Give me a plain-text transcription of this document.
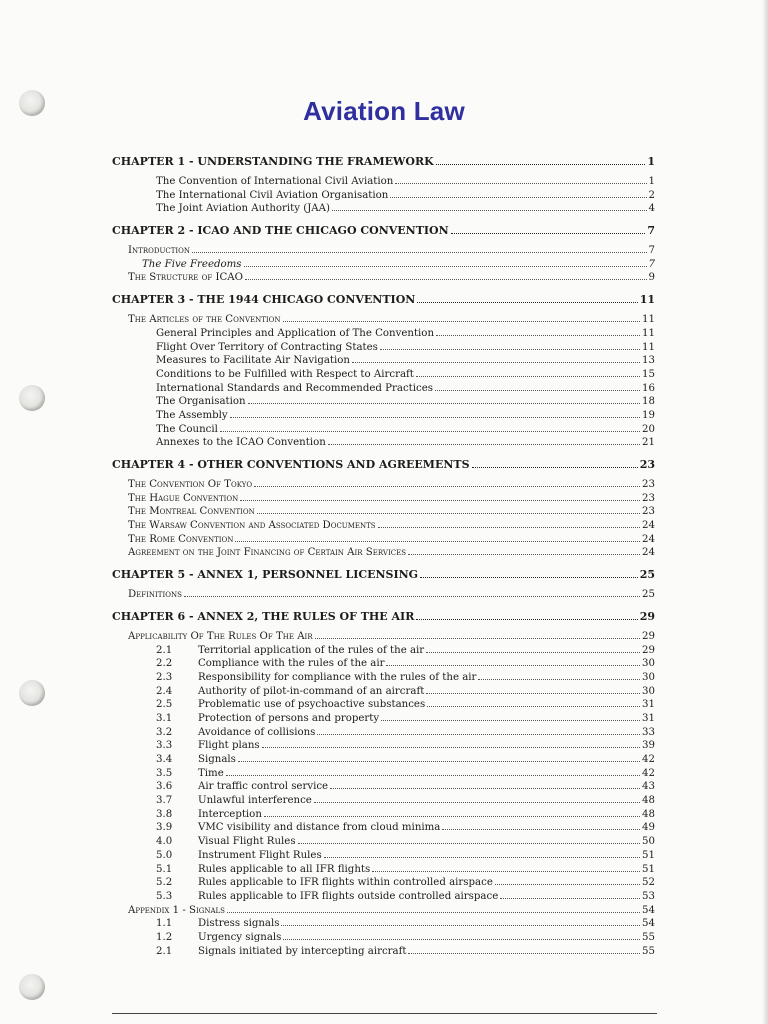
Aviation Law
CHAPTER 1 - UNDERSTANDING THE FRAMEWORK	1
The Convention of International Civil Aviation	1
The International Civil Aviation Organisation	2
The Joint Aviation Authority (JAA)	4
CHAPTER 2 - ICAO AND THE CHICAGO CONVENTION	7
Introduction	7
The Five Freedoms	7
The Structure of ICAO	9
CHAPTER 3 - THE 1944 CHICAGO CONVENTION	11
The Articles of the Convention	11
General Principles and Application of The Convention	11
Flight Over Territory of Contracting States	11
Measures to Facilitate Air Navigation	13
Conditions to be Fulfilled with Respect to Aircraft	15
International Standards and Recommended Practices	16
The Organisation	18
The Assembly	19
The Council	20
Annexes to the ICAO Convention	21
CHAPTER 4 - OTHER CONVENTIONS AND AGREEMENTS	23
The Convention Of Tokyo	23
The Hague Convention	23
The Montreal Convention	23
The Warsaw Convention and Associated Documents	24
The Rome Convention	24
Agreement on the Joint Financing of Certain Air Services	24
CHAPTER 5 - ANNEX 1, PERSONNEL LICENSING	25
Definitions	25
CHAPTER 6 - ANNEX 2, THE RULES OF THE AIR	29
Applicability Of The Rules Of The Air	29
2.1	Territorial application of the rules of the air	29
2.2	Compliance with the rules of the air	30
2.3	Responsibility for compliance with the rules of the air	30
2.4	Authority of pilot-in-command of an aircraft	30
2.5	Problematic use of psychoactive substances	31
3.1	Protection of persons and property	31
3.2	Avoidance of collisions	33
3.3	Flight plans	39
3.4	Signals	42
3.5	Time	42
3.6	Air traffic control service	43
3.7	Unlawful interference	48
3.8	Interception	48
3.9	VMC visibility and distance from cloud minima	49
4.0	Visual Flight Rules	50
5.0	Instrument Flight Rules	51
5.1	Rules applicable to all IFR flights	51
5.2	Rules applicable to IFR flights within controlled airspace	52
5.3	Rules applicable to IFR flights outside controlled airspace	53
Appendix 1 - Signals	54
1.1	Distress signals	54
1.2	Urgency signals	55
2.1	Signals initiated by intercepting aircraft	55
